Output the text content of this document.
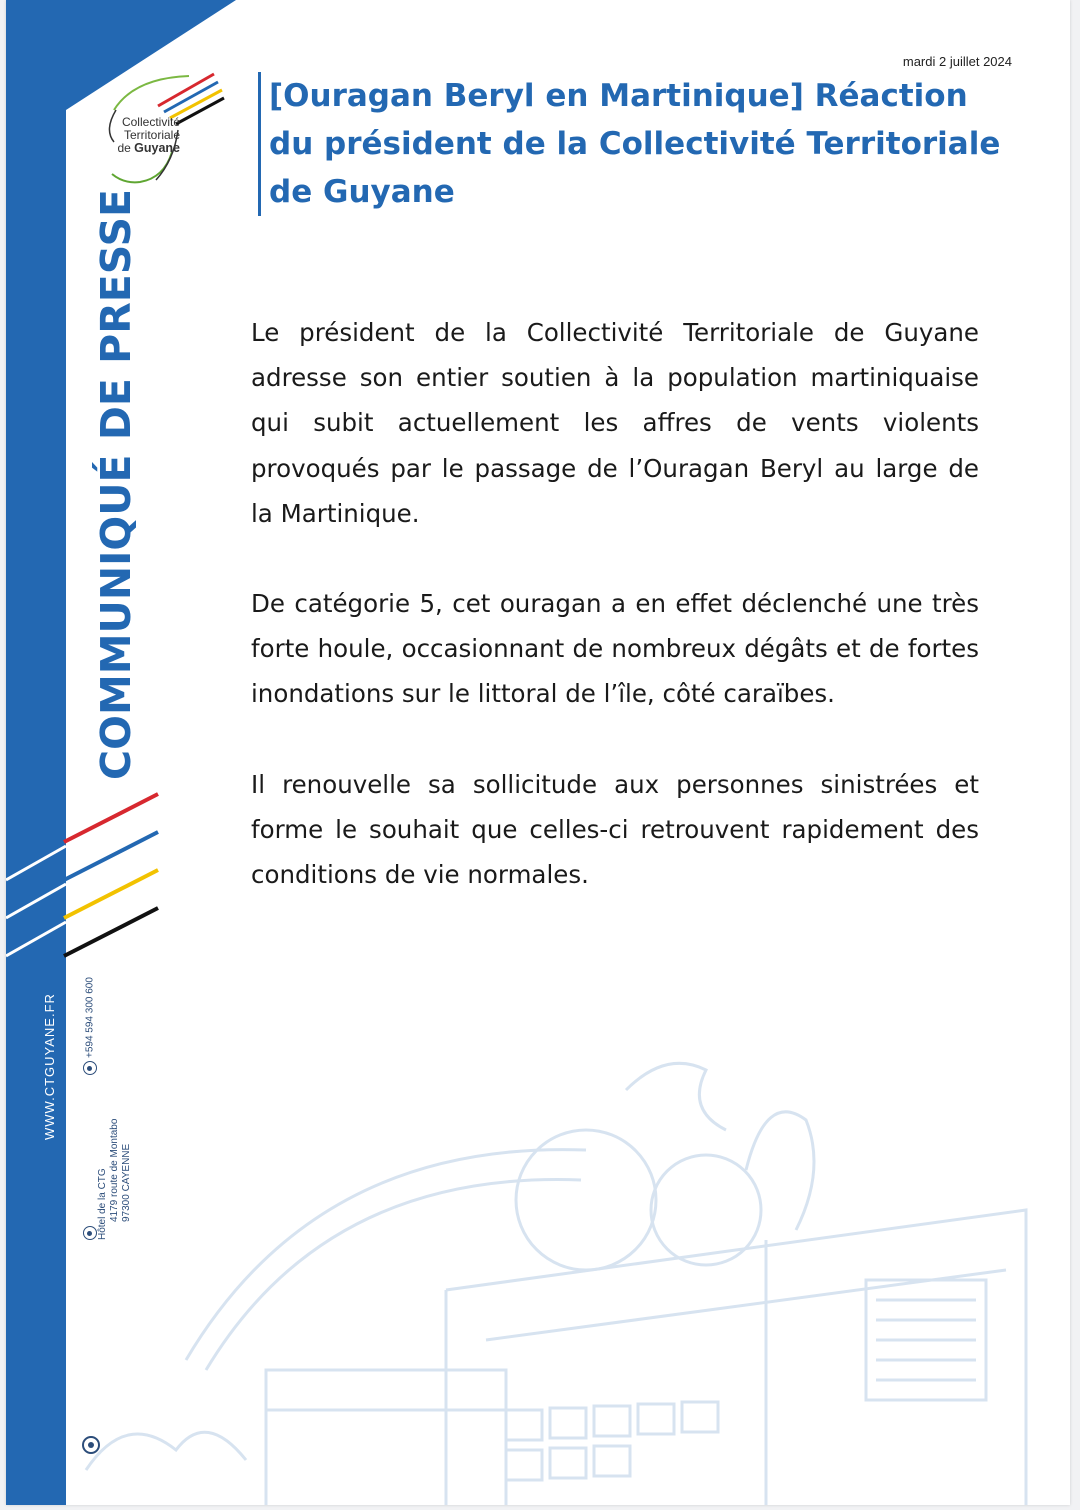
Collectivité
Territoriale
de Guyane
COMMUNIQUÉ DE PRESSE
WWW.CTGUYANE.FR	+594 594 300 600
Hôtel de la CTG 4179 route de Montabo 97300 CAYENNE
mardi 2 juillet 2024
[Ouragan Beryl en Martinique] Réaction du président de la Collectivité Territoriale de Guyane

Le président de la Collectivité Territoriale de Guyane adresse son entier soutien à la population martiniquaise qui subit actuellement les affres de vents violents provoqués par le passage de l’Ouragan Beryl au large de la Martinique.

De catégorie 5, cet ouragan a en effet déclenché une très forte houle, occasionnant de nombreux dégâts et de fortes inondations sur le littoral de l’île, côté caraïbes.

Il renouvelle sa sollicitude aux personnes sinistrées et forme le souhait que celles-ci retrouvent rapidement des conditions de vie normales.
